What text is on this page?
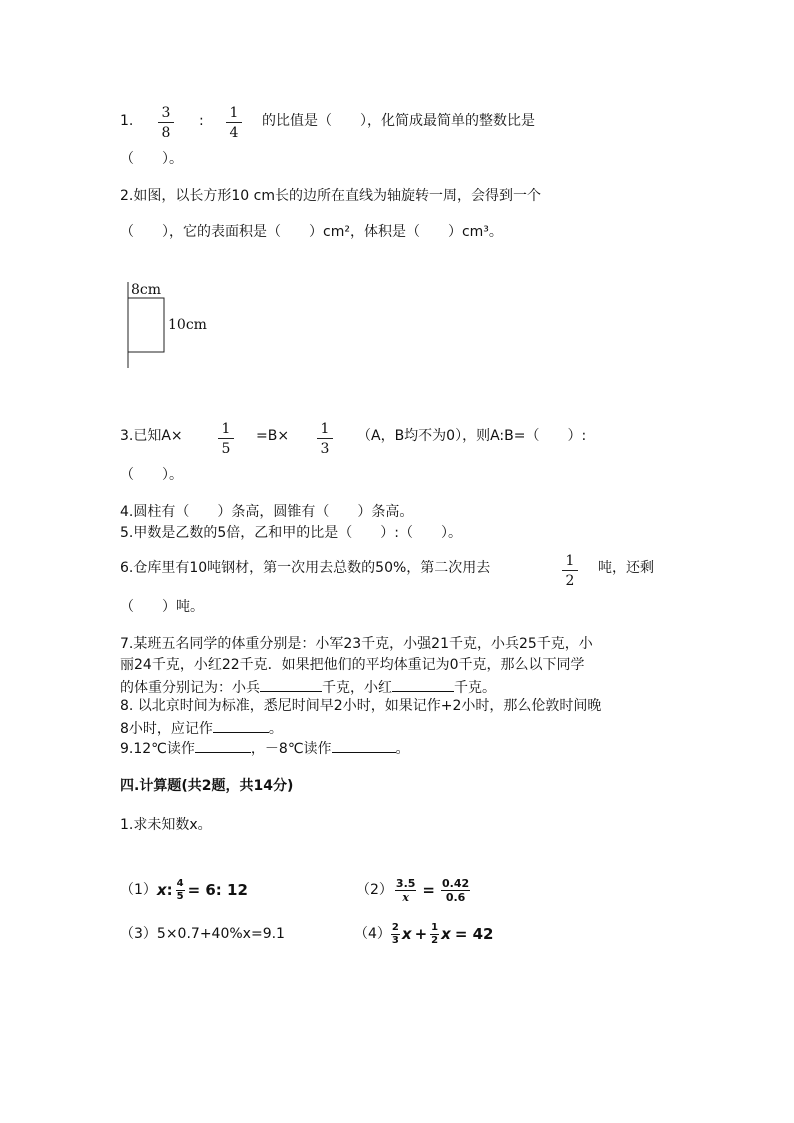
1. $\frac{3}{8}$ : $\frac{1}{4}$ 的比值是（　　），化简成最简单的整数比是
（　　）。
2.如图，以长方形10 cm长的边所在直线为轴旋转一周，会得到一个
（　　），它的表面积是（　　）cm²，体积是（　　）cm³。
8cm
10cm
3.已知A×	$\frac{1}{5} =B\times \frac{1}{3} (A$，B均不为0），则A:B=（　　）:
（　　）。
4.圆柱有（　　）条高，圆锥有（　　）条高。
5.甲数是乙数的5倍，乙和甲的比是（　　）:（　　）。
6.仓库里有10吨钢材，第一次用去总数的50%，第二次用去	$\frac{1}{2}$ 吨，还剩
（　　）吨。
7.某班五名同学的体重分别是：小军23千克，小强21千克，小兵25千克，小
丽24千克，小红22千克．如果把他们的平均体重记为0千克，那么以下同学
的体重分别记为：小兵	千克，小红	千克。
8. 以北京时间为标准，悉尼时间早2小时，如果记作+2小时，那么伦敦时间晚
8小时，应记作	。
9.12℃读作	，－8℃读作	。
四.计算题(共2题，共14分)
1.求未知数x。
（1） x : $\frac{4}{5} = 6$: 12	$(2) \frac{3.5}{x} = \frac{0.42}{0.6}$
（3）5×0.7+40%x=9.1	$(4) \frac{2}{3}$ $x + \frac{1}{2}$ x = 42
